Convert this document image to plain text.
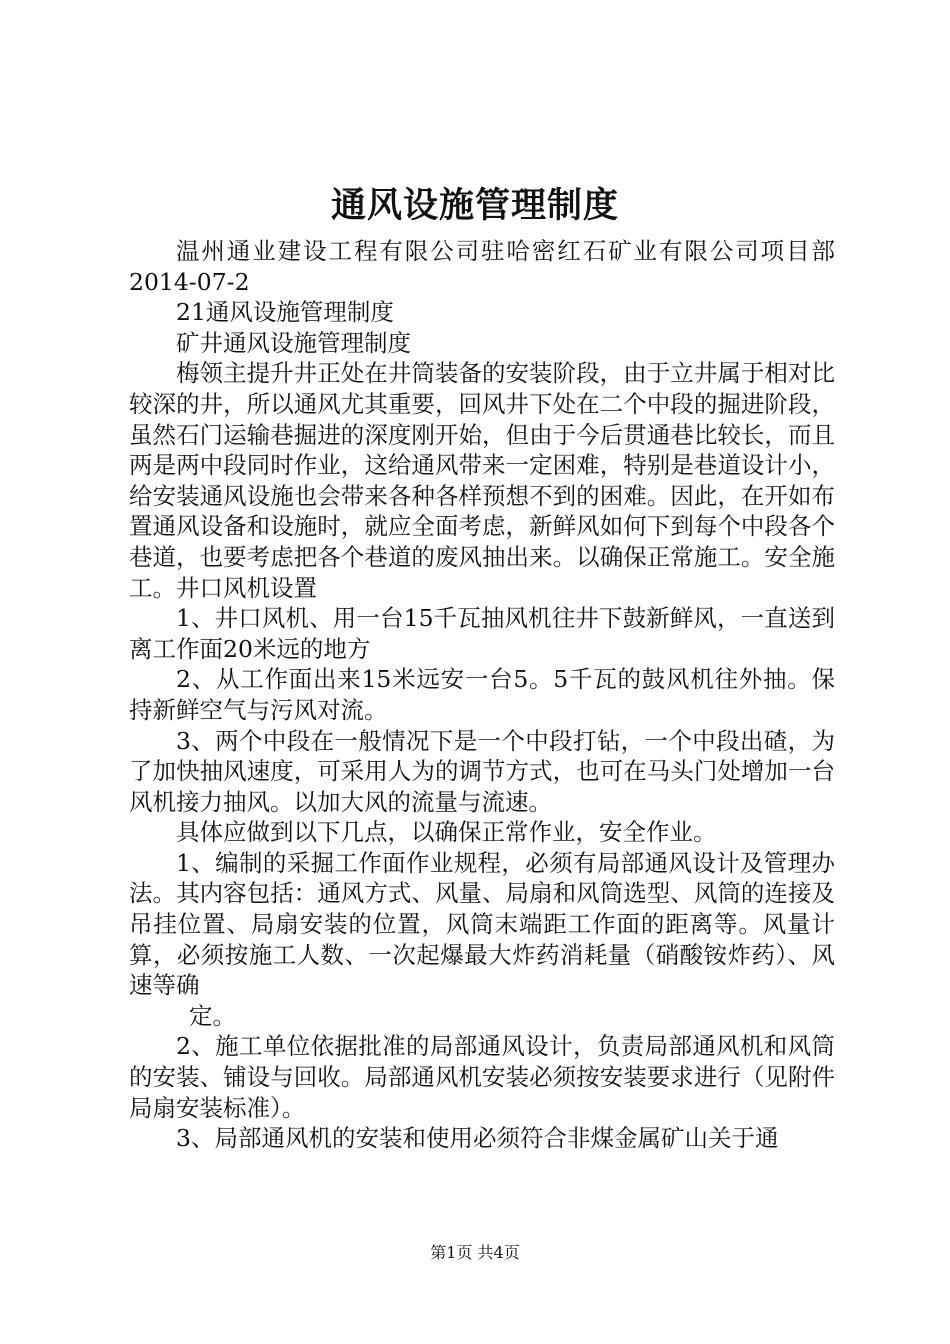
通风设施管理制度

温州通业建设工程有限公司驻哈密红石矿业有限公司项目部2014-07-2

21通风设施管理制度

矿井通风设施管理制度

梅领主提升井正处在井筒装备的安装阶段，由于立井属于相对比较深的井，所以通风尤其重要，回风井下处在二个中段的掘进阶段，虽然石门运输巷掘进的深度刚开始，但由于今后贯通巷比较长，而且两是两中段同时作业，这给通风带来一定困难，特别是巷道设计小，给安装通风设施也会带来各种各样预想不到的困难。因此，在开如布置通风设备和设施时，就应全面考虑，新鲜风如何下到每个中段各个巷道，也要考虑把各个巷道的废风抽出来。以确保正常施工。安全施工。井口风机设置

1、井口风机、用一台15千瓦抽风机往井下鼓新鲜风，一直送到离工作面20米远的地方

2、从工作面出来15米远安一台5。5千瓦的鼓风机往外抽。保持新鲜空气与污风对流。

3、两个中段在一般情况下是一个中段打钻，一个中段出碴，为了加快抽风速度，可采用人为的调节方式，也可在马头门处增加一台风机接力抽风。以加大风的流量与流速。

具体应做到以下几点，以确保正常作业，安全作业。

1、编制的采掘工作面作业规程，必须有局部通风设计及管理办法。其内容包括：通风方式、风量、局扇和风筒选型、风筒的连接及吊挂位置、局扇安装的位置，风筒末端距工作面的距离等。风量计算，必须按施工人数、一次起爆最大炸药消耗量（硝酸铵炸药）、风速等确

定。

2、施工单位依据批准的局部通风设计，负责局部通风机和风筒的安装、铺设与回收。局部通风机安装必须按安装要求进行（见附件局扇安装标准）。

3、局部通风机的安装和使用必须符合非煤金属矿山关于通

第1页 共4页
